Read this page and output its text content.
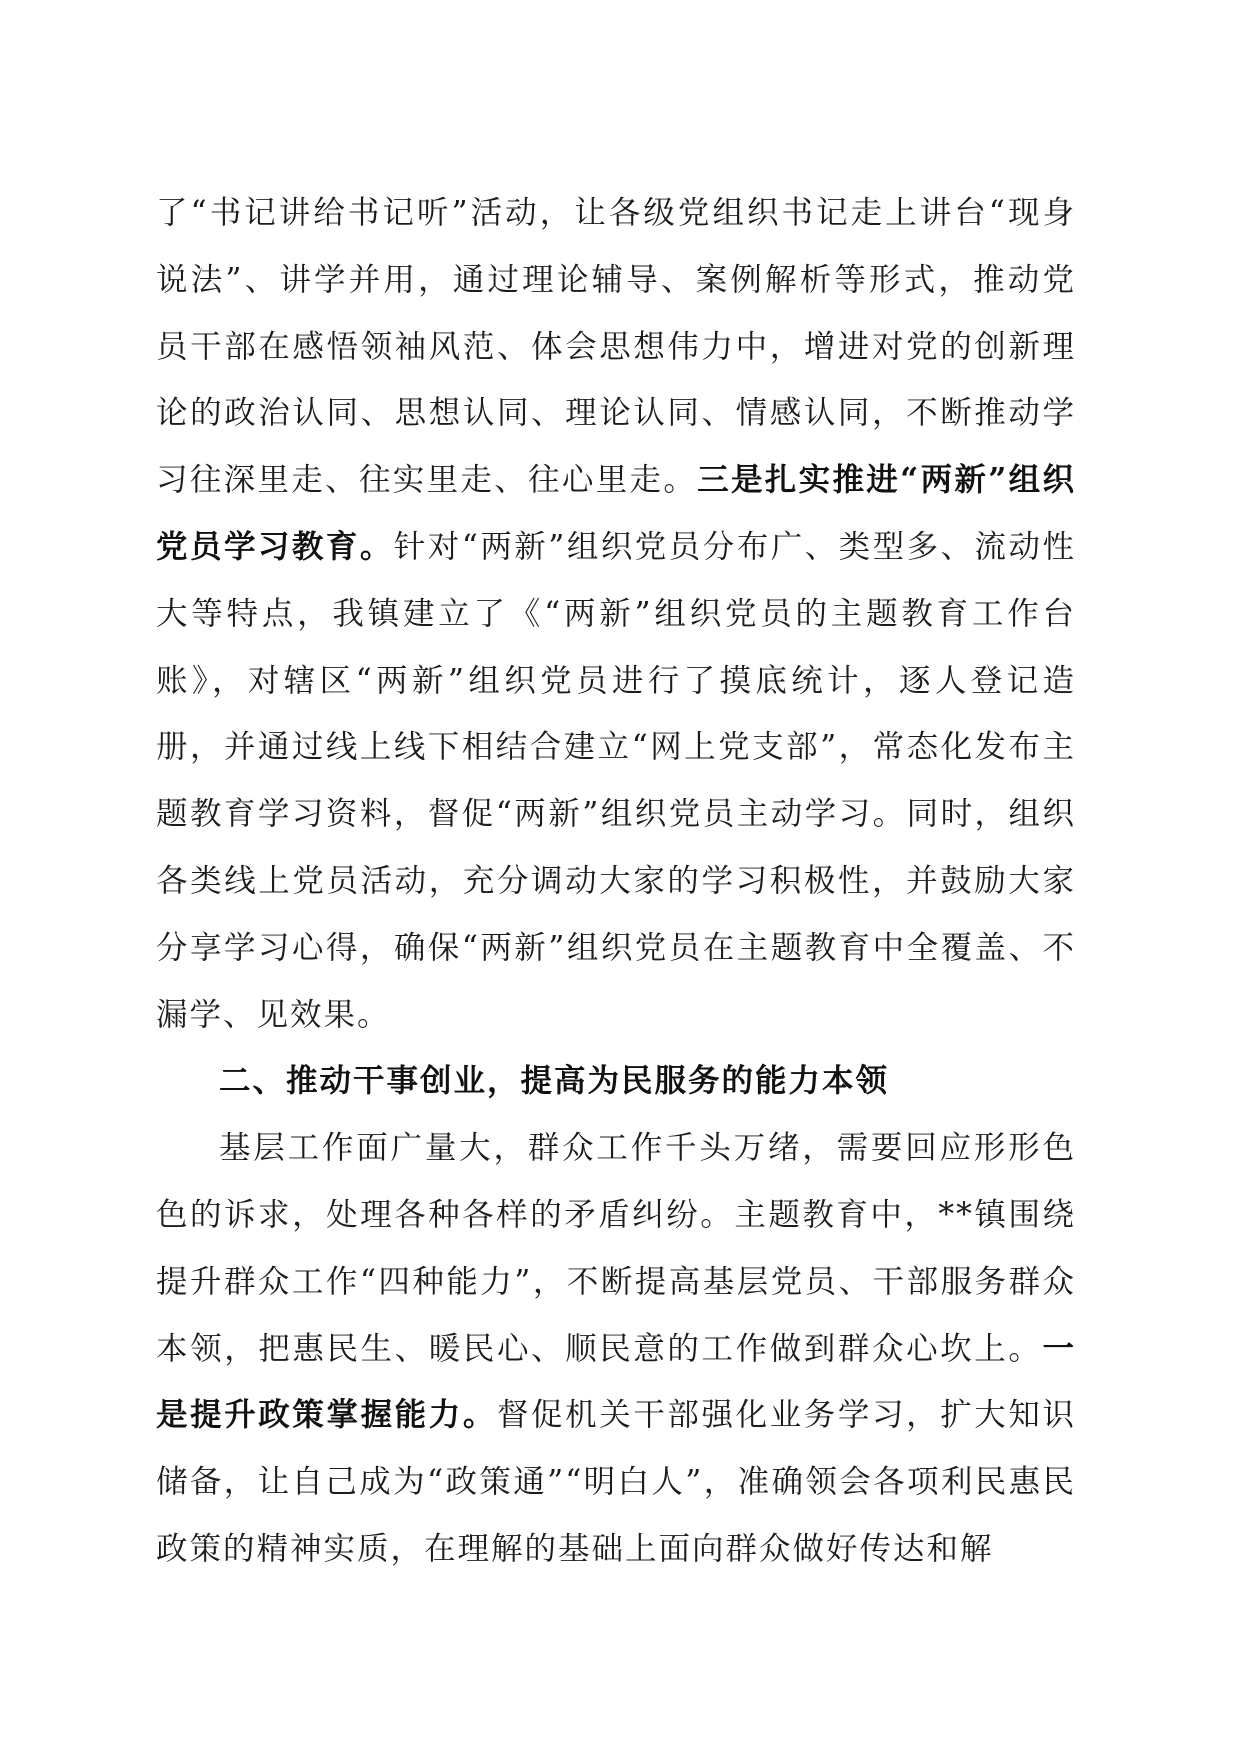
了“书记讲给书记听”活动，让各级党组织书记走上讲台“现身说法”、讲学并用，通过理论辅导、案例解析等形式，推动党员干部在感悟领袖风范、体会思想伟力中，增进对党的创新理论的政治认同、思想认同、理论认同、情感认同，不断推动学习往深里走、往实里走、往心里走。三是扎实推进“两新”组织党员学习教育。针对“两新”组织党员分布广、类型多、流动性大等特点，我镇建立了《“两新”组织党员的主题教育工作台账》，对辖区“两新”组织党员进行了摸底统计，逐人登记造册，并通过线上线下相结合建立“网上党支部”，常态化发布主题教育学习资料，督促“两新”组织党员主动学习。同时，组织各类线上党员活动，充分调动大家的学习积极性，并鼓励大家分享学习心得，确保“两新”组织党员在主题教育中全覆盖、不漏学、见效果。

二、推动干事创业，提高为民服务的能力本领

基层工作面广量大，群众工作千头万绪，需要回应形形色色的诉求，处理各种各样的矛盾纠纷。主题教育中，**镇围绕提升群众工作“四种能力”，不断提高基层党员、干部服务群众本领，把惠民生、暖民心、顺民意的工作做到群众心坎上。一是提升政策掌握能力。督促机关干部强化业务学习，扩大知识储备，让自己成为“政策通”“明白人”，准确领会各项利民惠民政策的精神实质，在理解的基础上面向群众做好传达和解
